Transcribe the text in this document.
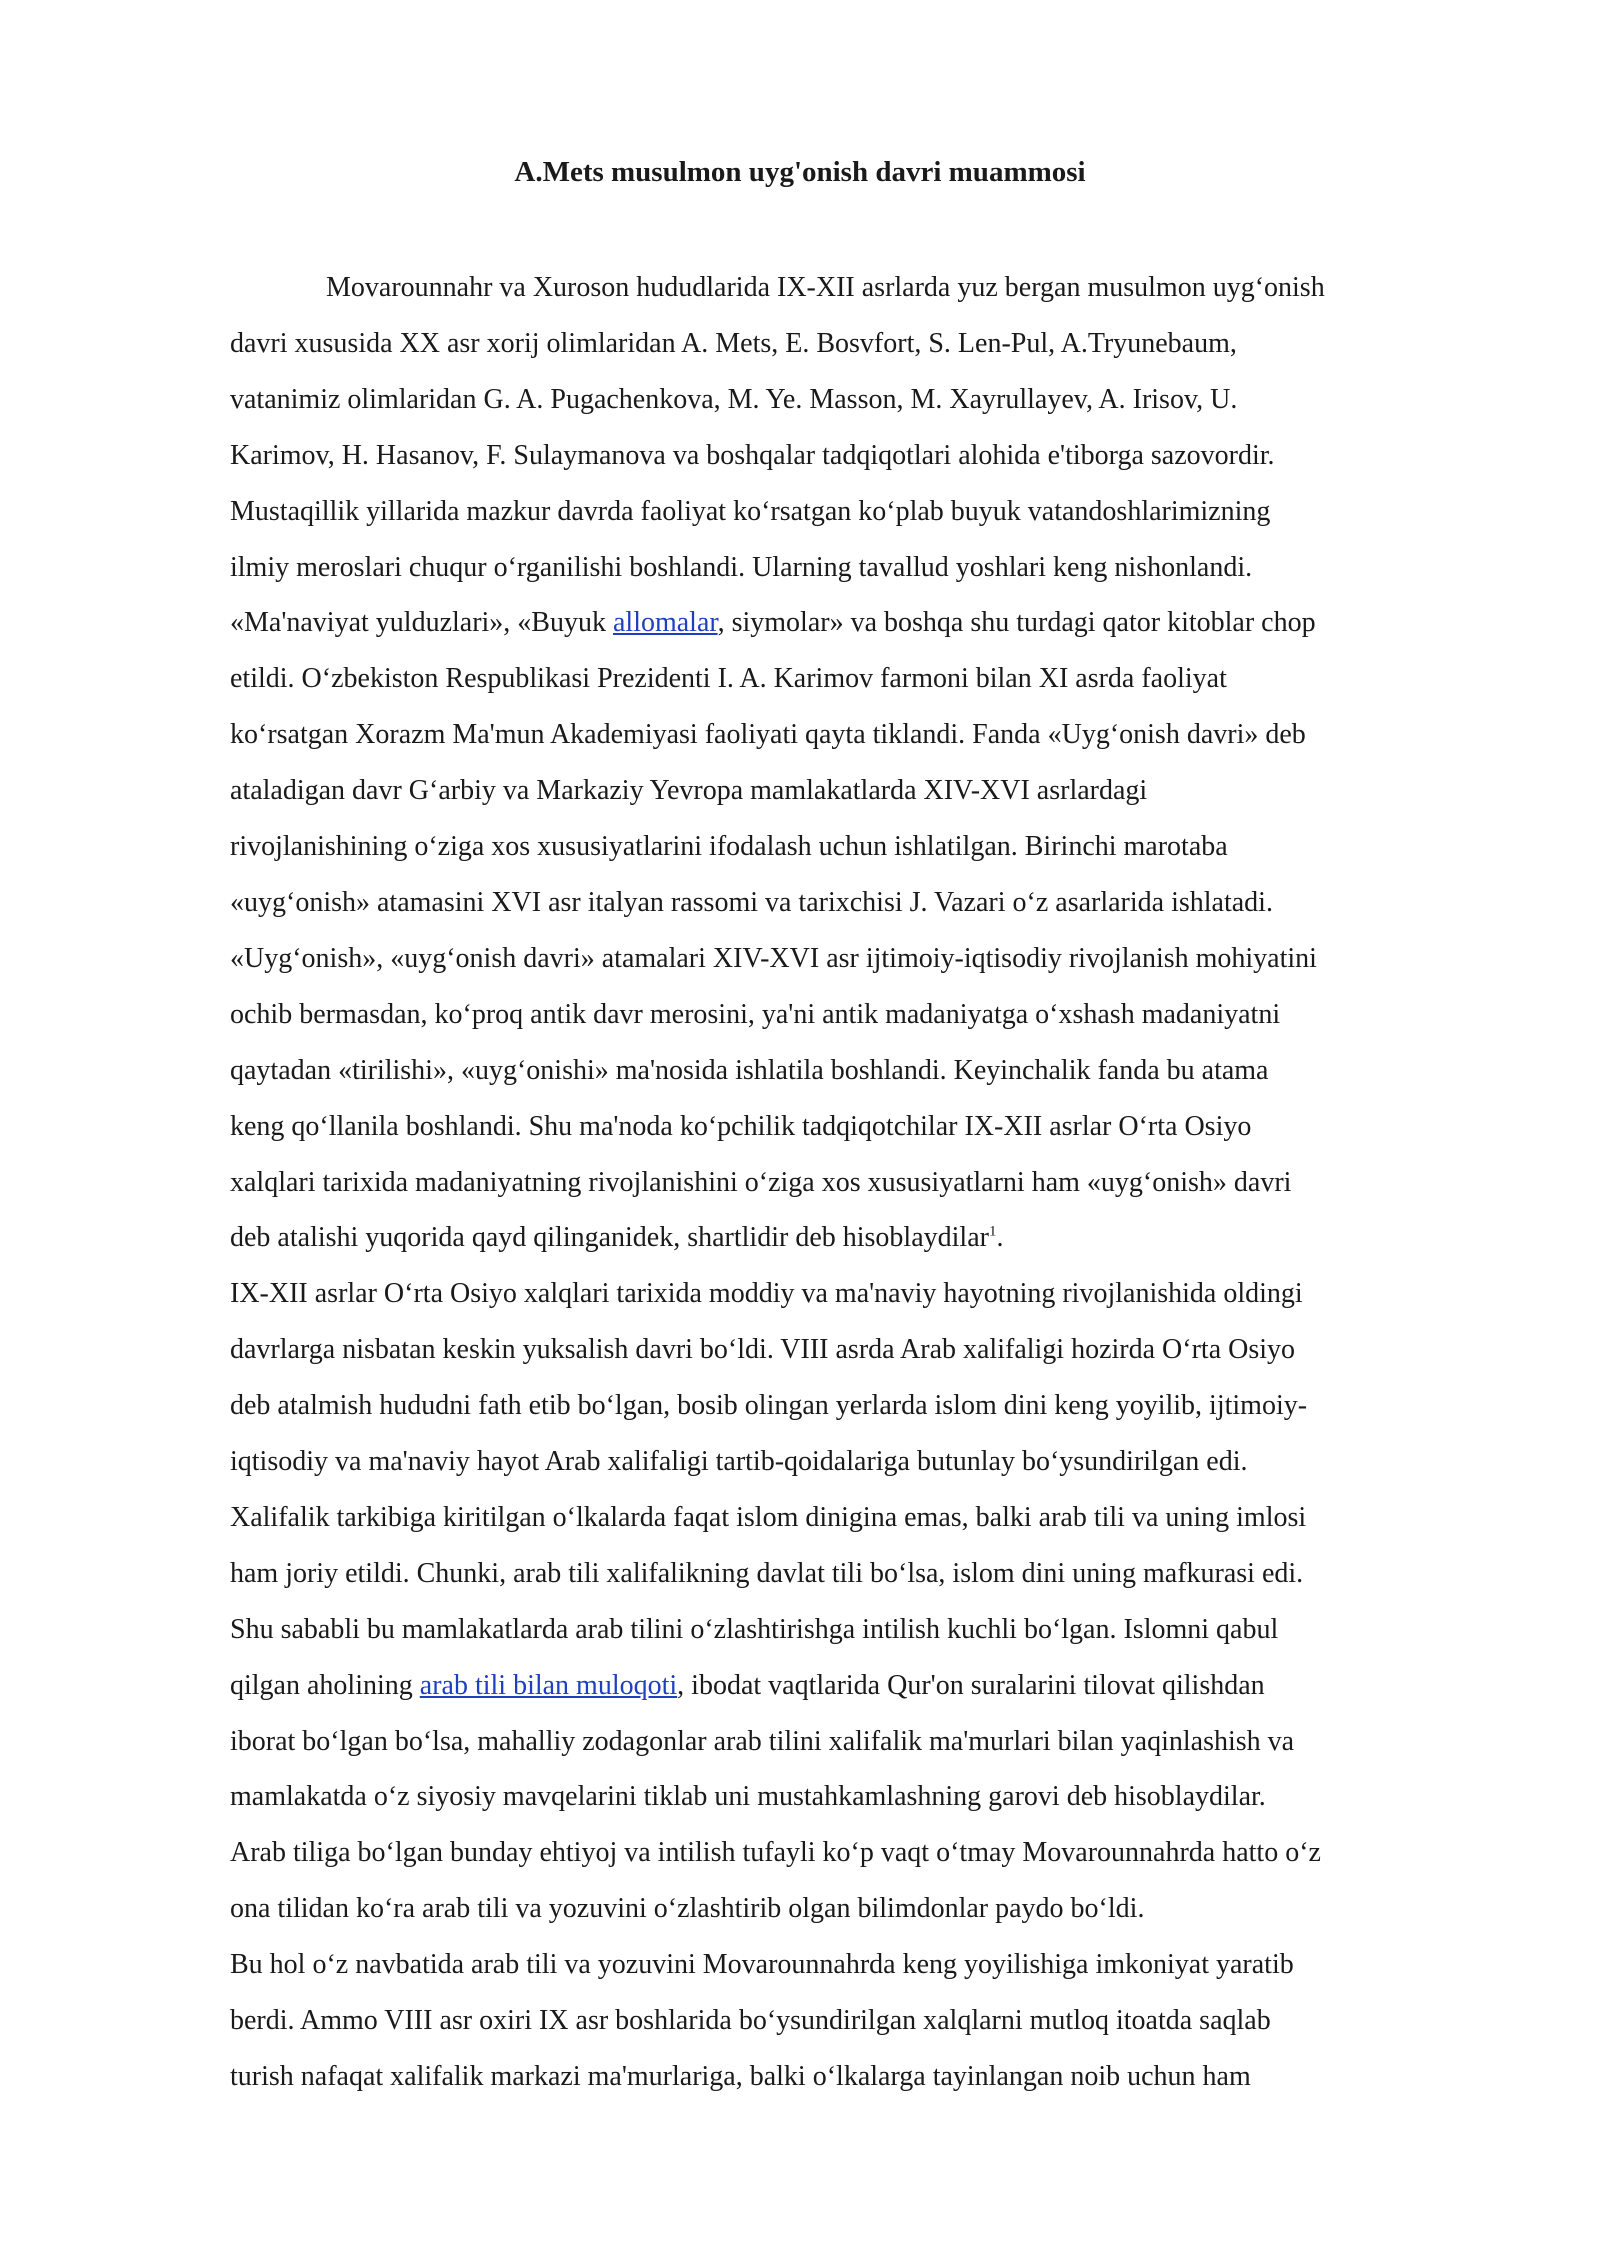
A.Mets musulmon uyg'onish davri muammosi

Movarounnahr va Xuroson hududlarida IX-XII asrlarda yuz bergan musulmon uygʻonish
davri xususida XX asr xorij olimlaridan A. Mets, E. Bosvfort, S. Len-Pul, A.Tryunebaum,
vatanimiz olimlaridan G. A. Pugachenkova, M. Ye. Masson, M. Xayrullayev, A. Irisov, U.
Karimov, H. Hasanov, F. Sulaymanova va boshqalar tadqiqotlari alohida e'tiborga sazovordir.
Mustaqillik yillarida mazkur davrda faoliyat koʻrsatgan koʻplab buyuk vatandoshlarimizning
ilmiy meroslari chuqur oʻrganilishi boshlandi. Ularning tavallud yoshlari keng nishonlandi.
«Ma'naviyat yulduzlari», «Buyuk allomalar, siymolar» va boshqa shu turdagi qator kitoblar chop
etildi. Oʻzbekiston Respublikasi Prezidenti I. A. Karimov farmoni bilan XI asrda faoliyat
koʻrsatgan Xorazm Ma'mun Akademiyasi faoliyati qayta tiklandi. Fanda «Uygʻonish davri» deb
ataladigan davr Gʻarbiy va Markaziy Yevropa mamlakatlarda XIV-XVI asrlardagi
rivojlanishining oʻziga xos xususiyatlarini ifodalash uchun ishlatilgan. Birinchi marotaba
«uygʻonish» atamasini XVI asr italyan rassomi va tarixchisi J. Vazari oʻz asarlarida ishlatadi.
«Uygʻonish», «uygʻonish davri» atamalari XIV-XVI asr ijtimoiy-iqtisodiy rivojlanish mohiyatini
ochib bermasdan, koʻproq antik davr merosini, ya'ni antik madaniyatga oʻxshash madaniyatni
qaytadan «tirilishi», «uygʻonishi» ma'nosida ishlatila boshlandi. Keyinchalik fanda bu atama
keng qoʻllanila boshlandi. Shu ma'noda koʻpchilik tadqiqotchilar IX-XII asrlar Oʻrta Osiyo
xalqlari tarixida madaniyatning rivojlanishini oʻziga xos xususiyatlarni ham «uygʻonish» davri
deb atalishi yuqorida qayd qilinganidek, shartlidir deb hisoblaydilar$^1$.

IX-XII asrlar Oʻrta Osiyo xalqlari tarixida moddiy va ma'naviy hayotning rivojlanishida oldingi
davrlarga nisbatan keskin yuksalish davri boʻldi. VIII asrda Arab xalifaligi hozirda Oʻrta Osiyo
deb atalmish hududni fath etib boʻlgan, bosib olingan yerlarda islom dini keng yoyilib, ijtimoiy-
iqtisodiy va ma'naviy hayot Arab xalifaligi tartib-qoidalariga butunlay boʻysundirilgan edi.
Xalifalik tarkibiga kiritilgan oʻlkalarda faqat islom dinigina emas, balki arab tili va uning imlosi
ham joriy etildi. Chunki, arab tili xalifalikning davlat tili boʻlsa, islom dini uning mafkurasi edi.
Shu sababli bu mamlakatlarda arab tilini oʻzlashtirishga intilish kuchli boʻlgan. Islomni qabul
qilgan aholining arab tili bilan muloqoti, ibodat vaqtlarida Qur'on suralarini tilovat qilishdan
iborat boʻlgan boʻlsa, mahalliy zodagonlar arab tilini xalifalik ma'murlari bilan yaqinlashish va
mamlakatda oʻz siyosiy mavqelarini tiklab uni mustahkamlashning garovi deb hisoblaydilar.
Arab tiliga boʻlgan bunday ehtiyoj va intilish tufayli koʻp vaqt oʻtmay Movarounnahrda hatto oʻz
ona tilidan koʻra arab tili va yozuvini oʻzlashtirib olgan bilimdonlar paydo boʻldi.

Bu hol oʻz navbatida arab tili va yozuvini Movarounnahrda keng yoyilishiga imkoniyat yaratib
berdi. Ammo VIII asr oxiri IX asr boshlarida boʻysundirilgan xalqlarni mutloq itoatda saqlab
turish nafaqat xalifalik markazi ma'murlariga, balki oʻlkalarga tayinlangan noib uchun ham
